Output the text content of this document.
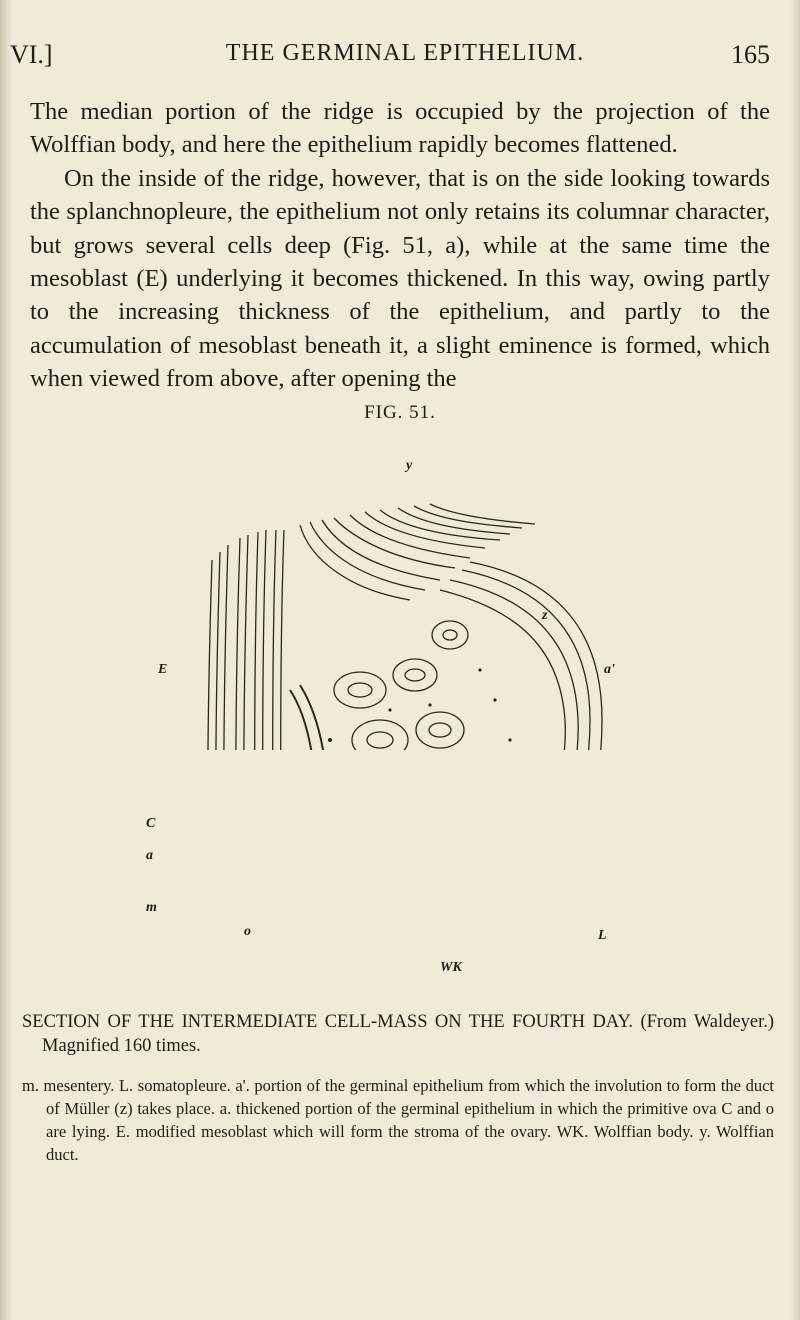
VI.]	THE GERMINAL EPITHELIUM.	165

The median portion of the ridge is occupied by the projection of the Wolffian body, and here the epithelium rapidly becomes flattened.

On the inside of the ridge, however, that is on the side looking towards the splanchnopleure, the epithelium not only retains its columnar character, but grows several cells deep (Fig. 51, a), while at the same time the mesoblast (E) underlying it becomes thickened. In this way, owing partly to the increasing thickness of the epithelium, and partly to the accumulation of mesoblast beneath it, a slight eminence is formed, which when viewed from above, after opening the

FIG. 51.
y
z
a'
E
C
a
m
o
WK
L

SECTION OF THE INTERMEDIATE CELL-MASS ON THE FOURTH DAY. (From Waldeyer.) Magnified 160 times.

m. mesentery. L. somatopleure. a'. portion of the germinal epithelium from which the involution to form the duct of Müller (z) takes place. a. thickened portion of the germinal epithelium in which the primitive ova C and o are lying. E. modified mesoblast which will form the stroma of the ovary. WK. Wolffian body. y. Wolffian duct.
